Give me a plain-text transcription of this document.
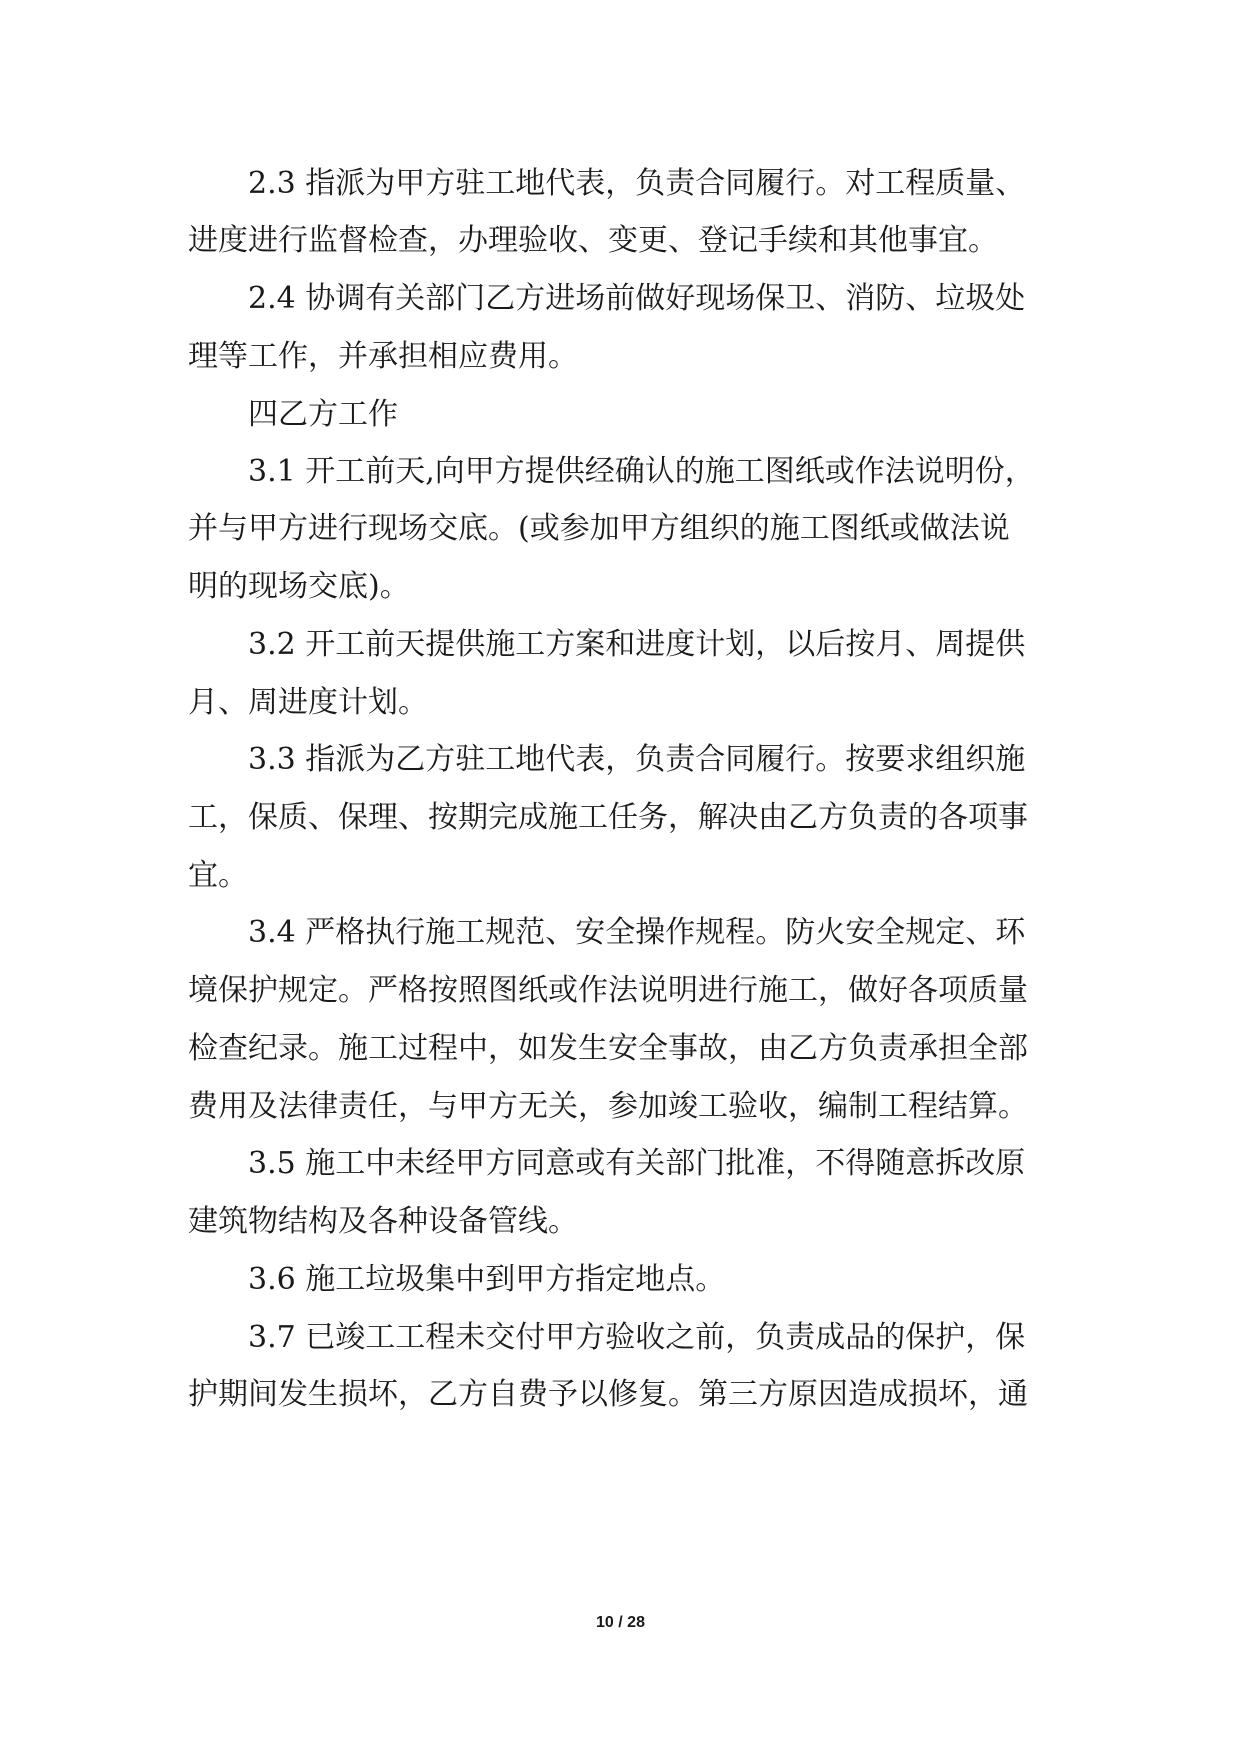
2.3 指派为甲方驻工地代表，负责合同履行。对工程质量、
进度进行监督检查，办理验收、变更、登记手续和其他事宜。
2.4 协调有关部门乙方进场前做好现场保卫、消防、垃圾处
理等工作，并承担相应费用。
四乙方工作
3.1 开工前天,向甲方提供经确认的施工图纸或作法说明份，
并与甲方进行现场交底。(或参加甲方组织的施工图纸或做法说
明的现场交底)。
3.2 开工前天提供施工方案和进度计划，以后按月、周提供
月、周进度计划。
3.3 指派为乙方驻工地代表，负责合同履行。按要求组织施
工，保质、保理、按期完成施工任务，解决由乙方负责的各项事
宜。
3.4 严格执行施工规范、安全操作规程。防火安全规定、环
境保护规定。严格按照图纸或作法说明进行施工，做好各项质量
检查纪录。施工过程中，如发生安全事故，由乙方负责承担全部
费用及法律责任，与甲方无关，参加竣工验收，编制工程结算。
3.5 施工中未经甲方同意或有关部门批准，不得随意拆改原
建筑物结构及各种设备管线。
3.6 施工垃圾集中到甲方指定地点。
3.7 已竣工工程未交付甲方验收之前，负责成品的保护，保
护期间发生损坏，乙方自费予以修复。第三方原因造成损坏，通
10 / 28
